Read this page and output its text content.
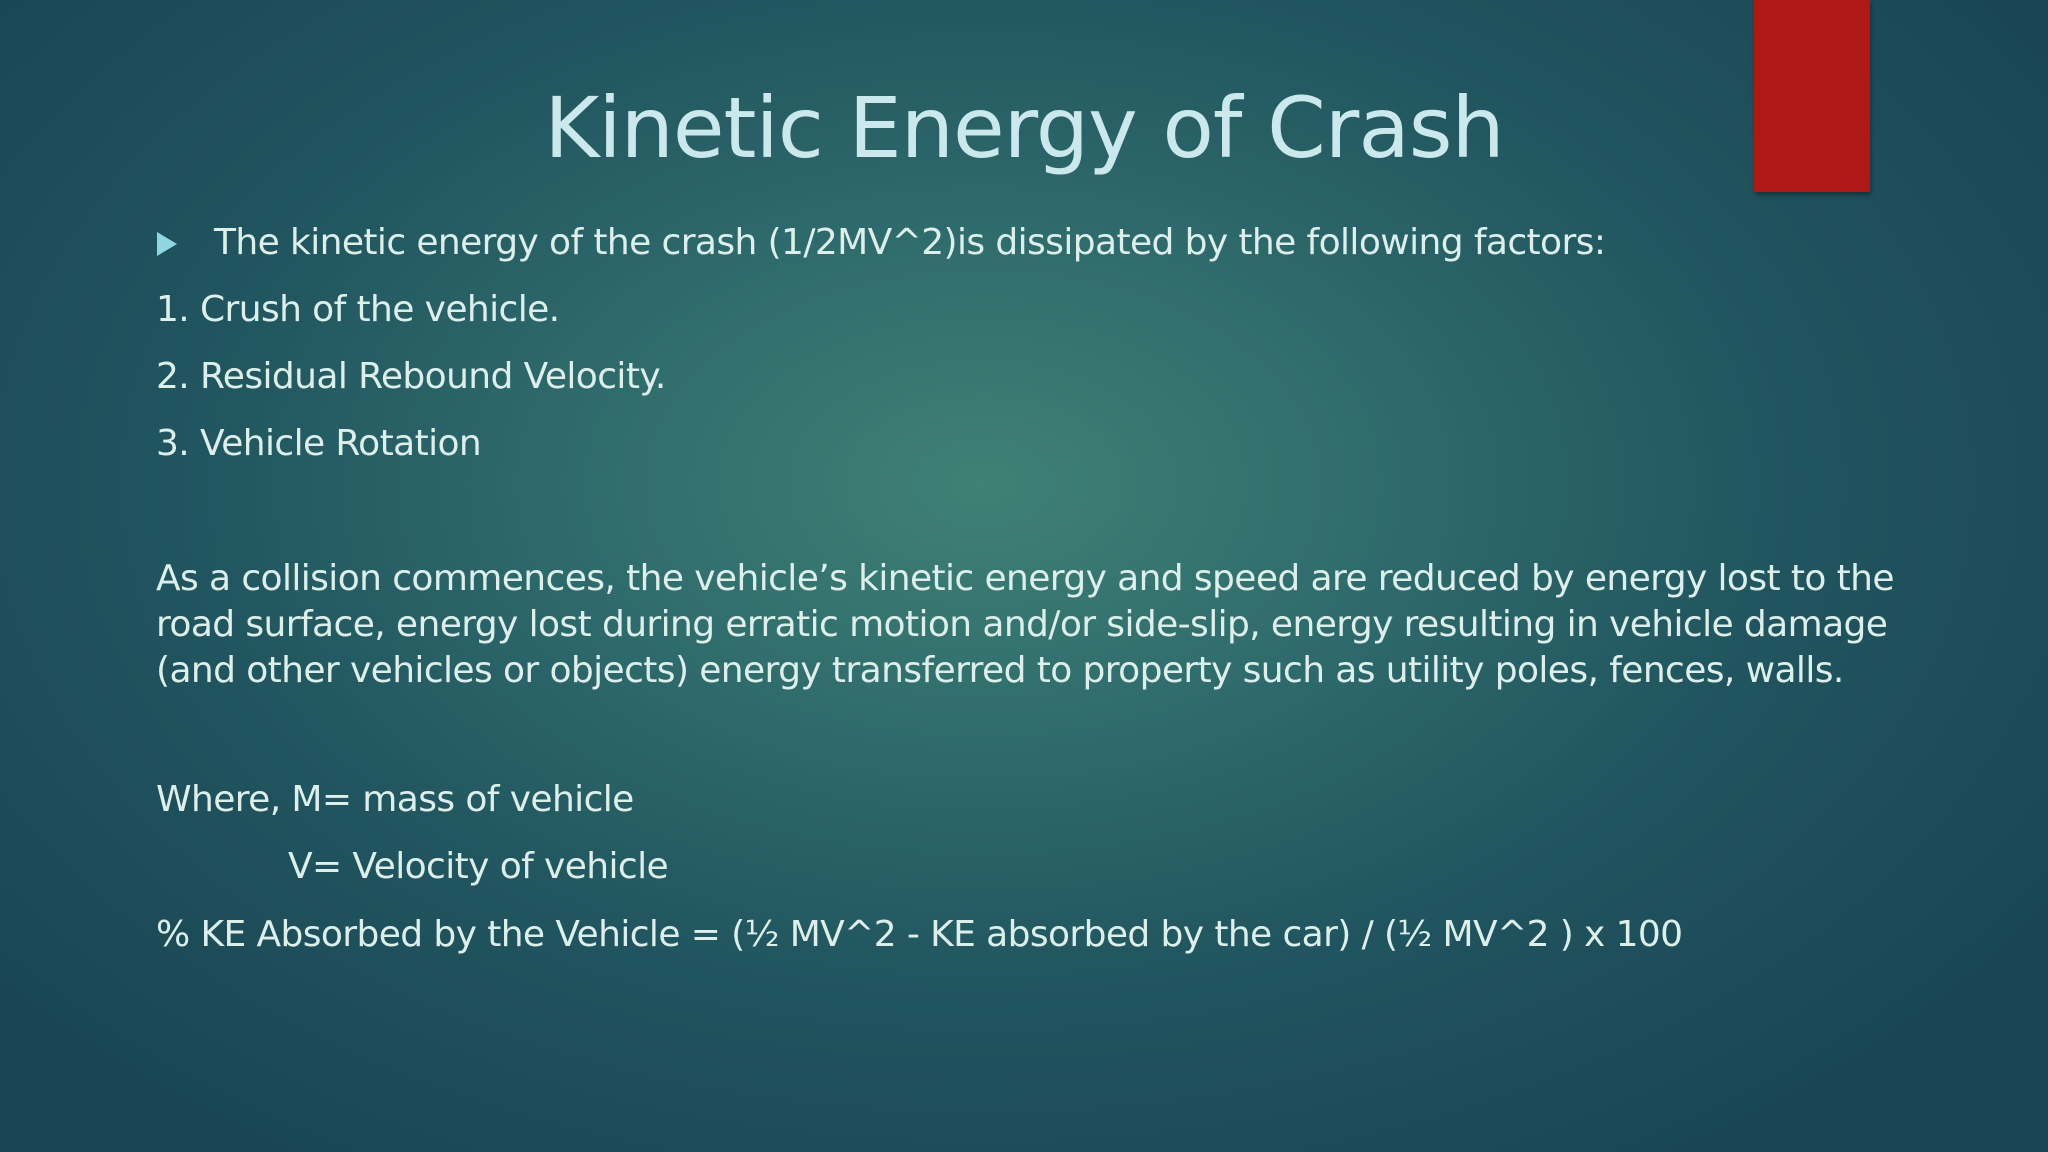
Kinetic Energy of Crash
The kinetic energy of the crash (1/2MV^2)is dissipated by the following factors:
1. Crush of the vehicle.
2. Residual Rebound Velocity.
3. Vehicle Rotation
As a collision commences, the vehicle’s kinetic energy and speed are reduced by energy lost to the
road surface, energy lost during erratic motion and/or side-slip, energy resulting in vehicle damage
(and other vehicles or objects) energy transferred to property such as utility poles, fences, walls.
Where, M= mass of vehicle
V= Velocity of vehicle
% KE Absorbed by the Vehicle = (½ MV^2 - KE absorbed by the car) / (½ MV^2 ) x 100
